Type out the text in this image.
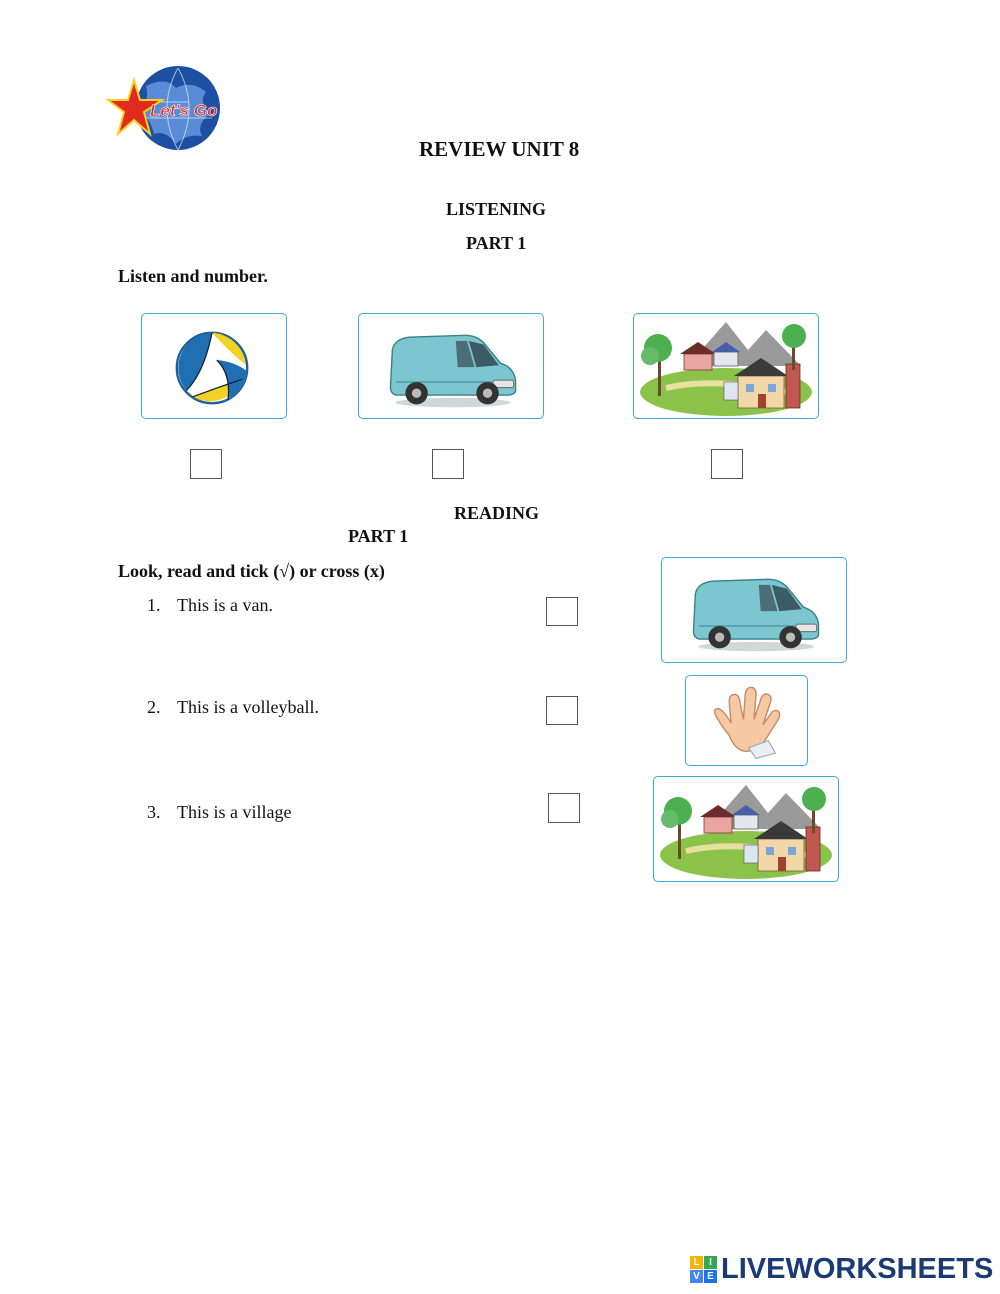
Let's Go
REVIEW UNIT 8
LISTENING
PART 1
Listen and number.
READING
PART 1
Look, read and tick (√) or cross (x)
1. This is a van.
2. This is a volleyball.
3. This is a village
L I
V E LIVEWORKSHEETS
